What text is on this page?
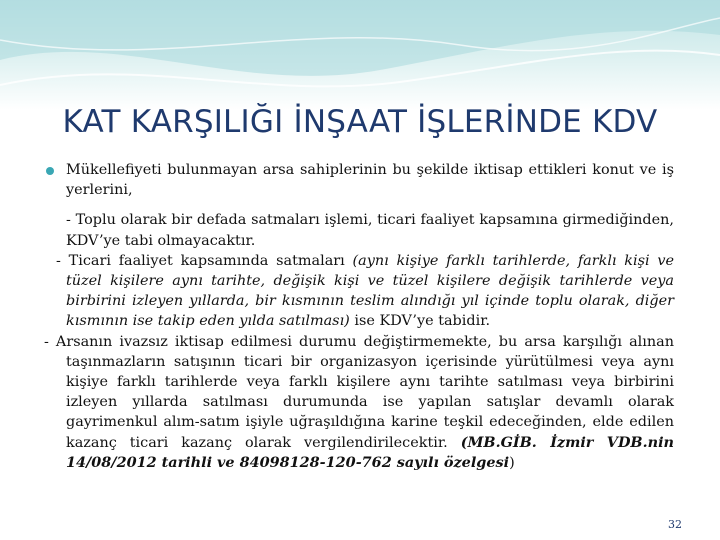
KAT KARŞILIĞI İNŞAAT İŞLERİNDE KDV
Mükellefiyeti bulunmayan arsa sahiplerinin bu şekilde iktisap ettikleri konut ve iş yerlerini,

- Toplu olarak bir defada satmaları işlemi, ticari faaliyet kapsamına girmediğinden, KDV’ye tabi olmayacaktır.

- Ticari faaliyet kapsamında satmaları (aynı kişiye farklı tarihlerde, farklı kişi ve tüzel kişilere aynı tarihte, değişik kişi ve tüzel kişilere değişik tarihlerde veya birbirini izleyen yıllarda, bir kısmının teslim alındığı yıl içinde toplu olarak, diğer kısmının ise takip eden yılda satılması) ise KDV’ye tabidir.

- Arsanın ivazsız iktisap edilmesi durumu değiştirmemekte, bu arsa karşılığı alınan taşınmazların satışının ticari bir organizasyon içerisinde yürütülmesi veya aynı kişiye farklı tarihlerde veya farklı kişilere aynı tarihte satılması veya birbirini izleyen yıllarda satılması durumunda ise yapılan satışlar devamlı olarak gayrimenkul alım-satım işiyle uğraşıldığına karine teşkil edeceğinden, elde edilen kazanç ticari kazanç olarak vergilendirilecektir. (MB.GİB. İzmir VDB.nin 14/08/2012 tarihli ve 84098128-120-762 sayılı özelgesi)

32
